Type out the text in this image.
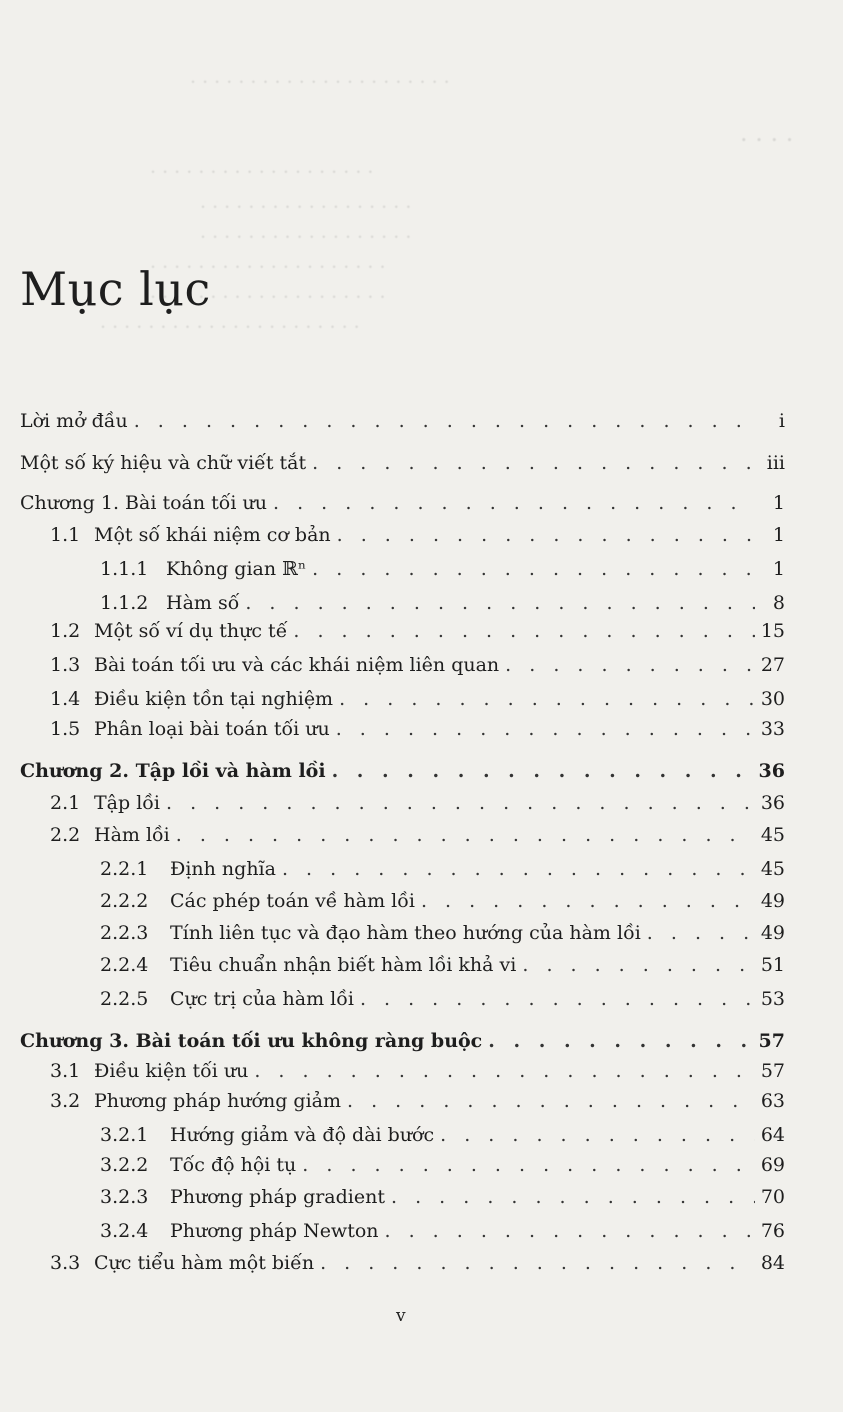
· · · · · · · · · · · · · · · · · · · · · ·
· · · ·
· · · · · · · · · · · · · · · · · · ·
· · · · · · · · · · · · · · · · · ·
· · · · · · · · · · · · · · · · · ·
· · · · · · · · · · · · · · · · · · · ·
· · · · · · · · · · · · · · · · · · · ·
· · · · · · · · · · · · · · · · · · · · · ·
Mục lục
Lời mở đầu . . .	i
Một số ký hiệu và chữ viết tắt . . .	iii
Chương 1. Bài toán tối ưu . . .	1
1.1 Một số khái niệm cơ bản . . .	1
1.1.1 Không gian ℝⁿ . . .	1
1.1.2 Hàm số . . .	8
1.2 Một số ví dụ thực tế . . .	15
1.3 Bài toán tối ưu và các khái niệm liên quan . . .	27
1.4 Điều kiện tồn tại nghiệm . . .	30
1.5 Phân loại bài toán tối ưu . . .	33
Chương 2. Tập lồi và hàm lồi . . .	36
2.1 Tập lồi . . .	36
2.2 Hàm lồi . . .	45
2.2.1	Định nghĩa . . .	45
2.2.2	Các phép toán về hàm lồi . . .	49
2.2.3	Tính liên tục và đạo hàm theo hướng của hàm lồi . . .	49
2.2.4	Tiêu chuẩn nhận biết hàm lồi khả vi . . .	51
2.2.5	Cực trị của hàm lồi . . .	53
Chương 3. Bài toán tối ưu không ràng buộc . . .	57
3.1 Điều kiện tối ưu . . .	57
3.2 Phương pháp hướng giảm . . .	63
3.2.1	Hướng giảm và độ dài bước . . .	64
3.2.2	Tốc độ hội tụ . . .	69
3.2.3	Phương pháp gradient . . .	70
3.2.4	Phương pháp Newton . . .	76
3.3 Cực tiểu hàm một biến . . .	84
v
